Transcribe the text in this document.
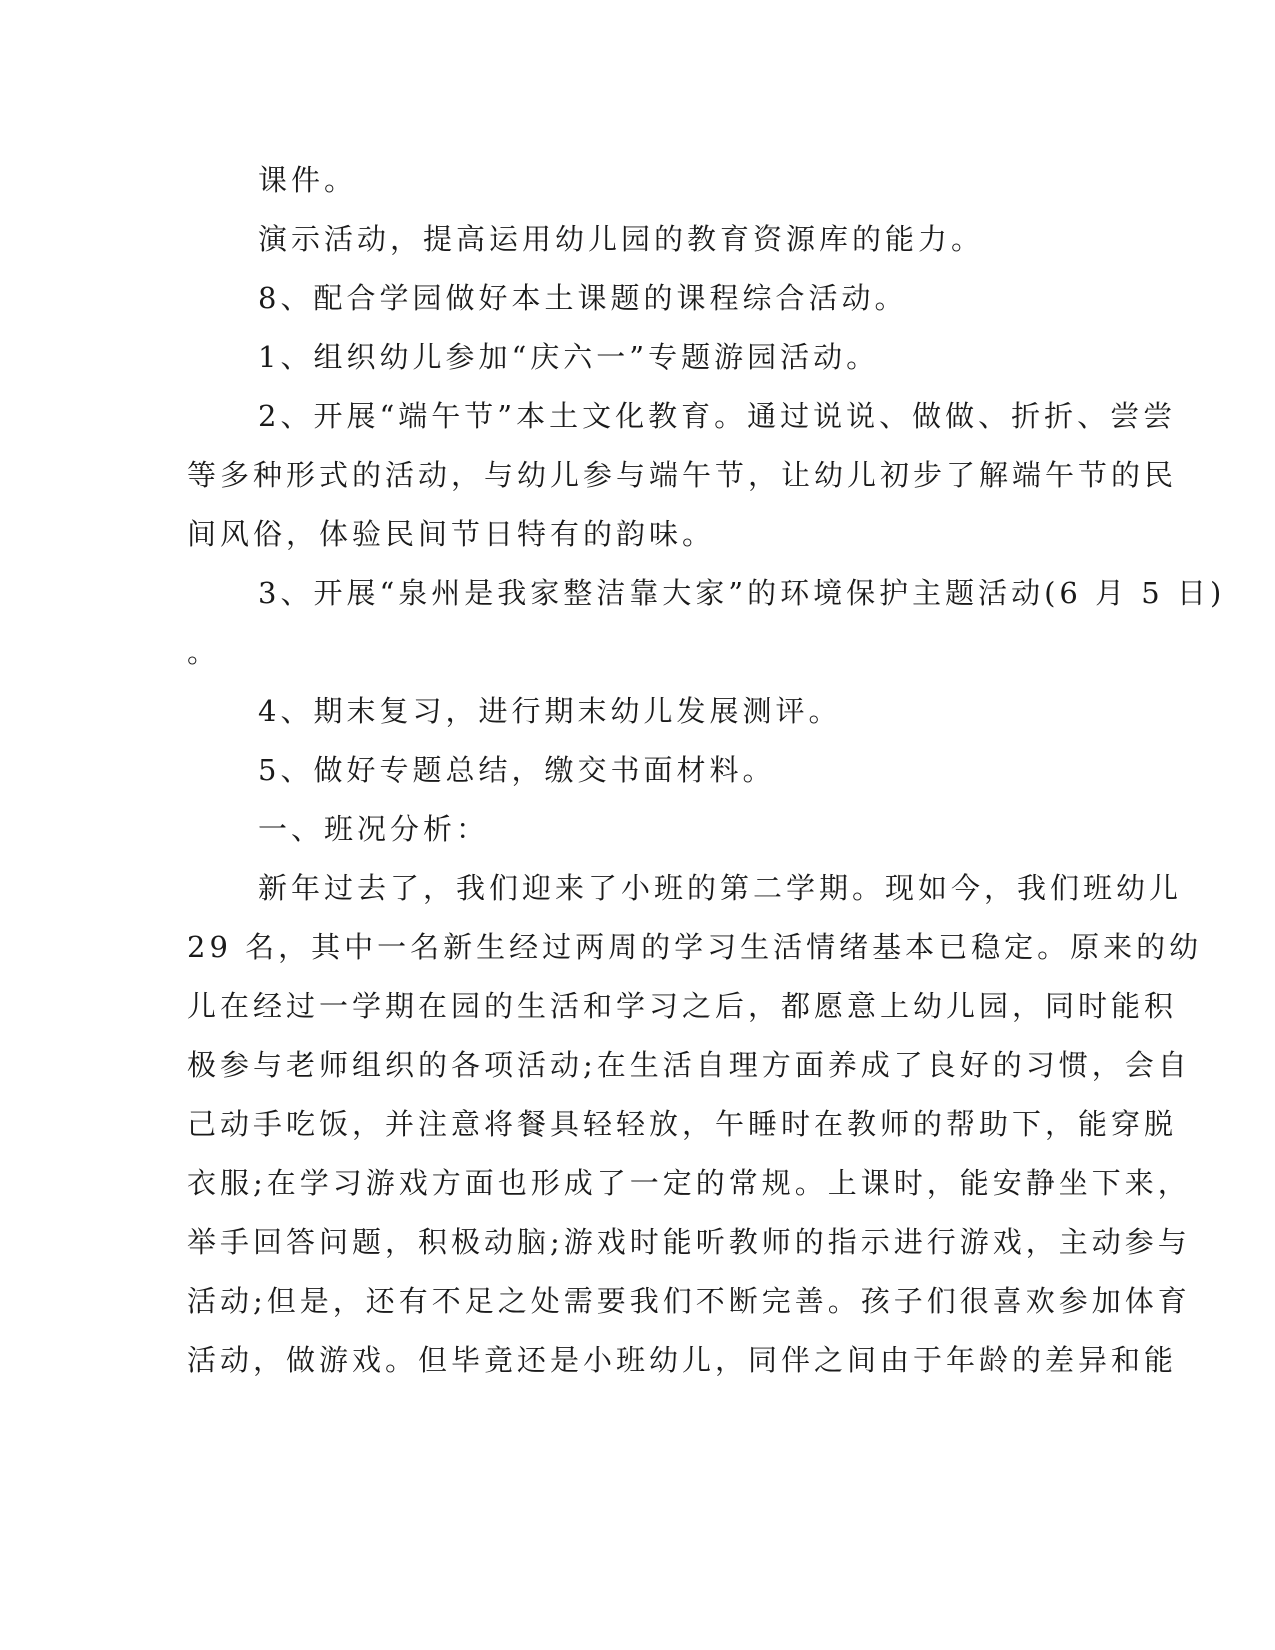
课件。
演示活动，提高运用幼儿园的教育资源库的能力。
8、配合学园做好本土课题的课程综合活动。
1、组织幼儿参加“庆六一”专题游园活动。
2、开展“端午节”本土文化教育。通过说说、做做、折折、尝尝
等多种形式的活动，与幼儿参与端午节，让幼儿初步了解端午节的民
间风俗，体验民间节日特有的韵味。
3、开展“泉州是我家整洁靠大家”的环境保护主题活动(6 月 5 日)
。
4、期末复习，进行期末幼儿发展测评。
5、做好专题总结，缴交书面材料。
一、班况分析：
新年过去了，我们迎来了小班的第二学期。现如今，我们班幼儿
29 名，其中一名新生经过两周的学习生活情绪基本已稳定。原来的幼
儿在经过一学期在园的生活和学习之后，都愿意上幼儿园，同时能积
极参与老师组织的各项活动;在生活自理方面养成了良好的习惯，会自
己动手吃饭，并注意将餐具轻轻放，午睡时在教师的帮助下，能穿脱
衣服;在学习游戏方面也形成了一定的常规。上课时，能安静坐下来，
举手回答问题，积极动脑;游戏时能听教师的指示进行游戏，主动参与
活动;但是，还有不足之处需要我们不断完善。孩子们很喜欢参加体育
活动，做游戏。但毕竟还是小班幼儿，同伴之间由于年龄的差异和能
